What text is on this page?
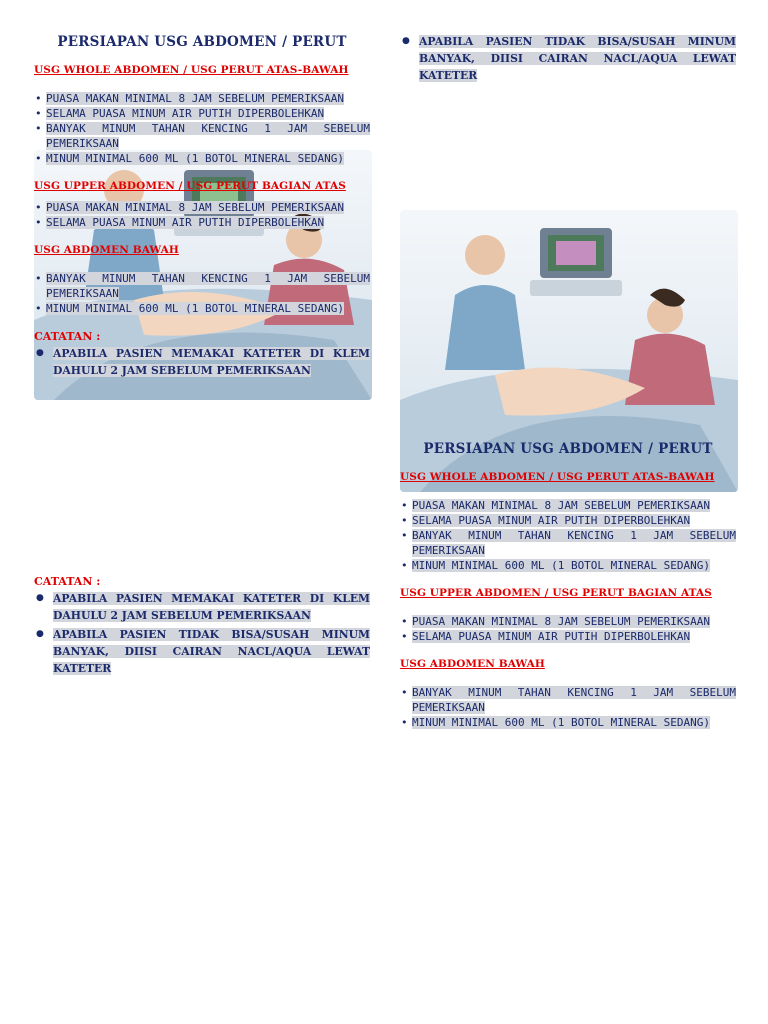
PERSIAPAN USG ABDOMEN / PERUT
USG WHOLE ABDOMEN / USG PERUT ATAS-BAWAH
• PUASA MAKAN MINIMAL 8 JAM SEBELUM PEMERIKSAAN
• SELAMA PUASA MINUM AIR PUTIH DIPERBOLEHKAN
• BANYAK MINUM TAHAN KENCING 1 JAM SEBELUM PEMERIKSAAN
• MINUM MINIMAL 600 ML (1 BOTOL MINERAL SEDANG)
USG UPPER ABDOMEN / USG PERUT BAGIAN ATAS
• PUASA MAKAN MINIMAL 8 JAM SEBELUM PEMERIKSAAN
• SELAMA PUASA MINUM AIR PUTIH DIPERBOLEHKAN
USG ABDOMEN BAWAH
• BANYAK MINUM TAHAN KENCING 1 JAM SEBELUM PEMERIKSAAN
• MINUM MINIMAL 600 ML (1 BOTOL MINERAL SEDANG)
CATATAN :
● APABILA PASIEN MEMAKAI KATETER DI KLEM DAHULU 2 JAM SEBELUM PEMERIKSAAN
CATATAN :
● APABILA PASIEN MEMAKAI KATETER DI KLEM DAHULU 2 JAM SEBELUM PEMERIKSAAN
● APABILA PASIEN TIDAK BISA/SUSAH MINUM BANYAK, DIISI CAIRAN NACL/AQUA LEWAT KATETER
● APABILA PASIEN TIDAK BISA/SUSAH MINUM BANYAK, DIISI CAIRAN NACL/AQUA LEWAT KATETER
PERSIAPAN USG ABDOMEN / PERUT
USG WHOLE ABDOMEN / USG PERUT ATAS-BAWAH
• PUASA MAKAN MINIMAL 8 JAM SEBELUM PEMERIKSAAN
• SELAMA PUASA MINUM AIR PUTIH DIPERBOLEHKAN
• BANYAK MINUM TAHAN KENCING 1 JAM SEBELUM PEMERIKSAAN
• MINUM MINIMAL 600 ML (1 BOTOL MINERAL SEDANG)
USG UPPER ABDOMEN / USG PERUT BAGIAN ATAS
• PUASA MAKAN MINIMAL 8 JAM SEBELUM PEMERIKSAAN
• SELAMA PUASA MINUM AIR PUTIH DIPERBOLEHKAN
USG ABDOMEN BAWAH
• BANYAK MINUM TAHAN KENCING 1 JAM SEBELUM PEMERIKSAAN
• MINUM MINIMAL 600 ML (1 BOTOL MINERAL SEDANG)
